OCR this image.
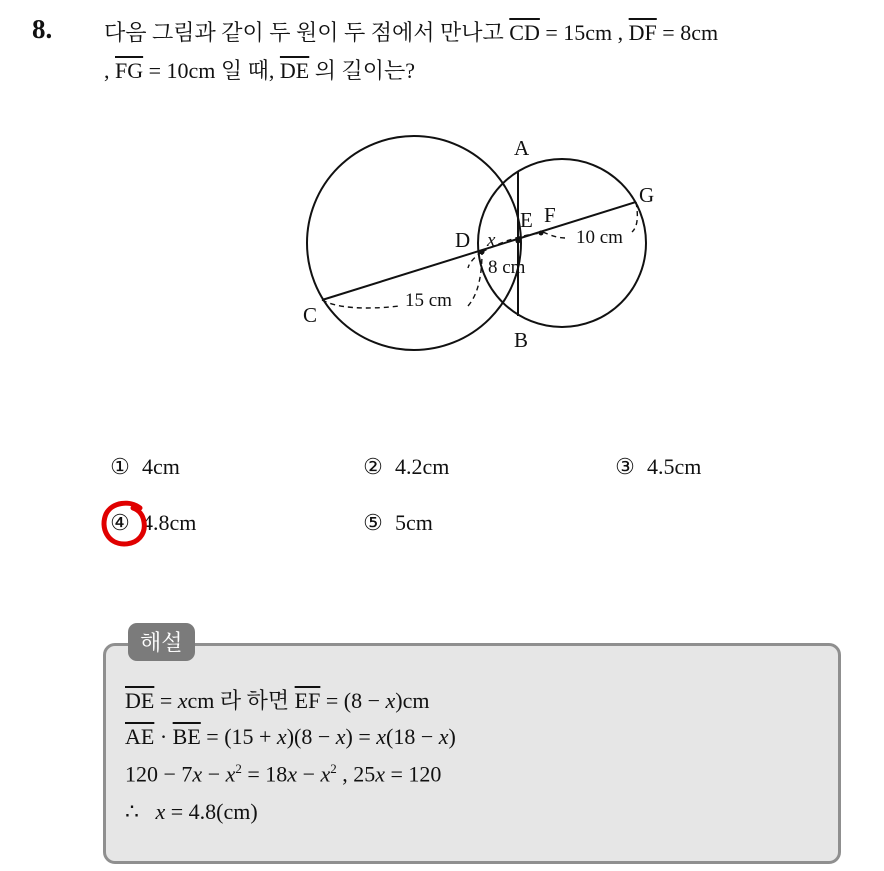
8. 다음 그림과 같이 두 원이 두 점에서 만나고 $\overline{CD} = 15cm$ , $\overline{DF} = 8cm$
, $\overline{FG} = 10cm$ 일 때, $\overline{DE}$ 의 길이는?
A
B
C
D
E F
G
x
8 cm
15 cm
10 cm
① 4cm	② 4.2cm	③ 4.5cm
④ 4.8cm	⑤ 5cm
해설
$\overline{DE}$ = xcm 라 하면 $\overline{EF} = (8 - x)cm$
$\overline{AE} \cdot \overline{BE} = (15 + x)(8 - x) = x(18 - x)$
$120 - 7x - x^2 = 18x - x^2$ , 25x = 120
∴   x = 4.8(cm)
